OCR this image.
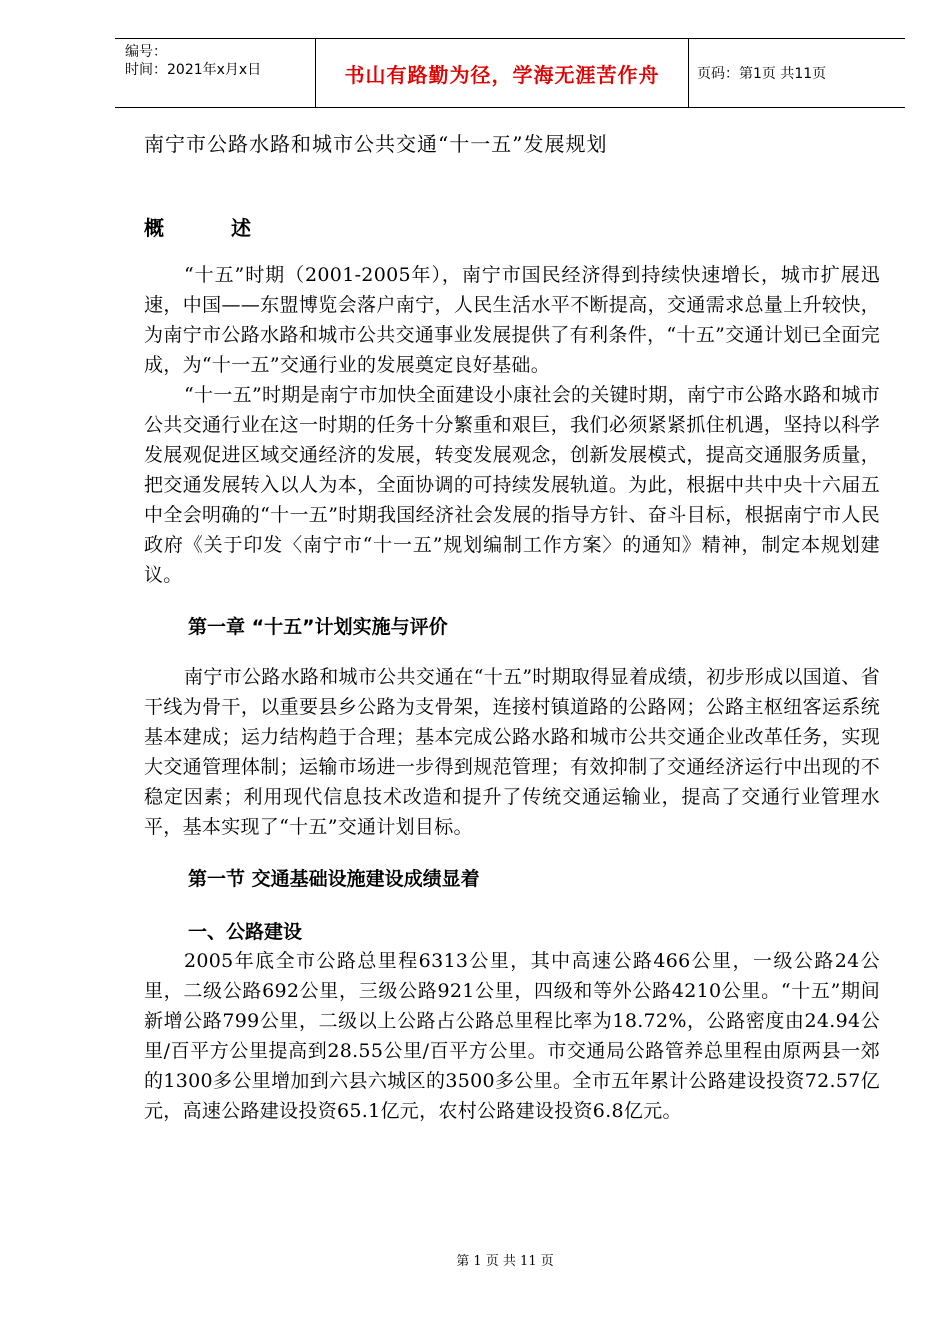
编号：
时间：2021年x月x日	书山有路勤为径，学海无涯苦作舟	页码：第1页 共11页
南宁市公路水路和城市公共交通“十一五”发展规划
概 述

“十五”时期（2001-2005年），南宁市国民经济得到持续快速增长，城市扩展迅速，中国——东盟博览会落户南宁，人民生活水平不断提高，交通需求总量上升较快，为南宁市公路水路和城市公共交通事业发展提供了有利条件，“十五”交通计划已全面完成，为“十一五”交通行业的发展奠定良好基础。

“十一五”时期是南宁市加快全面建设小康社会的关键时期，南宁市公路水路和城市公共交通行业在这一时期的任务十分繁重和艰巨，我们必须紧紧抓住机遇，坚持以科学发展观促进区域交通经济的发展，转变发展观念，创新发展模式，提高交通服务质量，把交通发展转入以人为本，全面协调的可持续发展轨道。为此，根据中共中央十六届五中全会明确的“十一五”时期我国经济社会发展的指导方针、奋斗目标，根据南宁市人民政府《关于印发〈南宁市“十一五”规划编制工作方案〉的通知》精神，制定本规划建议。

第一章 “十五”计划实施与评价

南宁市公路水路和城市公共交通在“十五”时期取得显着成绩，初步形成以国道、省干线为骨干，以重要县乡公路为支骨架，连接村镇道路的公路网；公路主枢纽客运系统基本建成；运力结构趋于合理；基本完成公路水路和城市公共交通企业改革任务，实现大交通管理体制；运输市场进一步得到规范管理；有效抑制了交通经济运行中出现的不稳定因素；利用现代信息技术改造和提升了传统交通运输业，提高了交通行业管理水平，基本实现了“十五”交通计划目标。

第一节 交通基础设施建设成绩显着
一、公路建设

2005年底全市公路总里程6313公里，其中高速公路466公里，一级公路24公里，二级公路692公里，三级公路921公里，四级和等外公路4210公里。“十五”期间新增公路799公里，二级以上公路占公路总里程比率为18.72%，公路密度由24.94公里/百平方公里提高到28.55公里/百平方公里。市交通局公路管养总里程由原两县一郊的1300多公里增加到六县六城区的3500多公里。全市五年累计公路建设投资72.57亿元，高速公路建设投资65.1亿元，农村公路建设投资6.8亿元。

第 1 页 共 11 页
